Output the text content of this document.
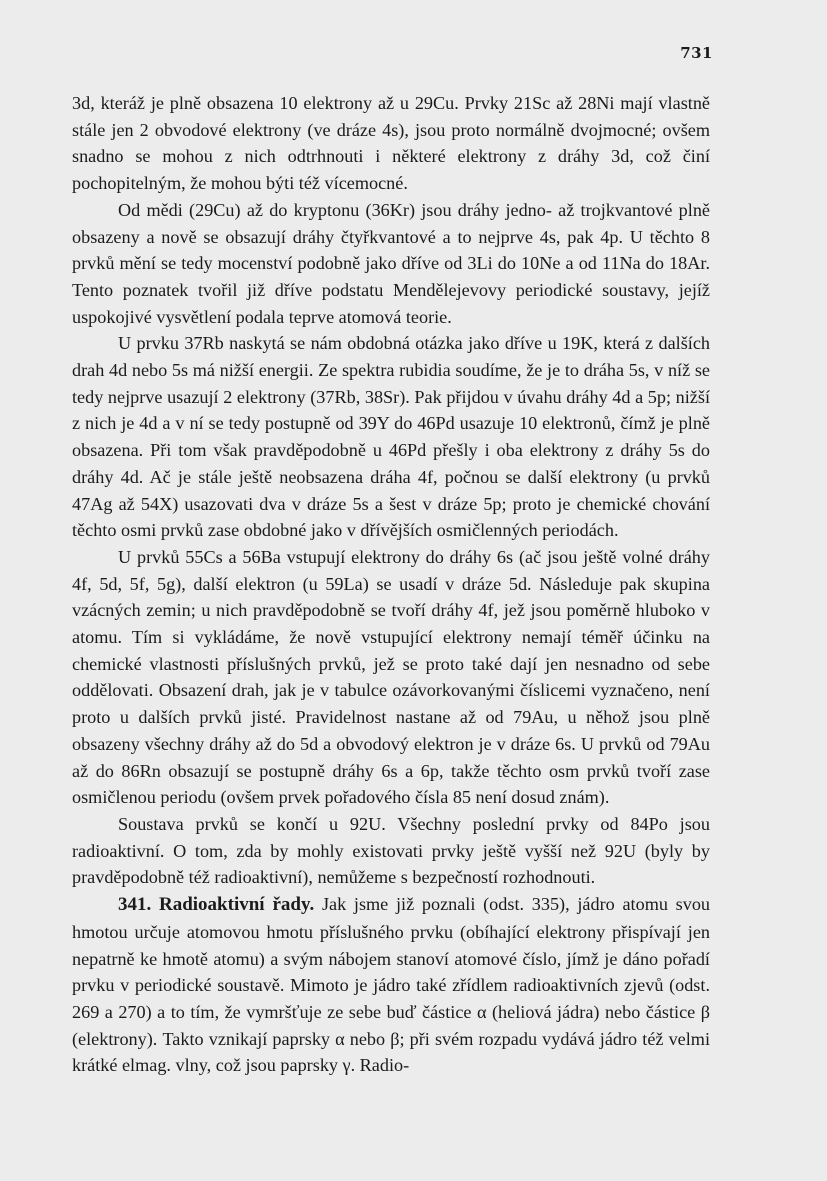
731

3d, kteráž je plně obsazena 10 elektrony až u 29Cu. Prvky 21Sc až 28Ni mají vlastně stále jen 2 obvodové elektrony (ve dráze 4s), jsou proto normálně dvojmocné; ovšem snadno se mohou z nich odtrhnouti i některé elektrony z dráhy 3d, což činí pochopitelným, že mohou býti též vícemocné.

Od mědi (29Cu) až do kryptonu (36Kr) jsou dráhy jedno- až trojkvantové plně obsazeny a nově se obsazují dráhy čtyřkvantové a to nejprve 4s, pak 4p. U těchto 8 prvků mění se tedy mocenství podobně jako dříve od 3Li do 10Ne a od 11Na do 18Ar. Tento poznatek tvořil již dříve podstatu Mendělejevovy periodické soustavy, jejíž uspokojivé vysvětlení podala teprve atomová teorie.

U prvku 37Rb naskytá se nám obdobná otázka jako dříve u 19K, která z dalších drah 4d nebo 5s má nižší energii. Ze spektra rubidia soudíme, že je to dráha 5s, v níž se tedy nejprve usazují 2 elektrony (37Rb, 38Sr). Pak přijdou v úvahu dráhy 4d a 5p; nižší z nich je 4d a v ní se tedy postupně od 39Y do 46Pd usazuje 10 elektronů, čímž je plně obsazena. Při tom však pravděpodobně u 46Pd přešly i oba elektrony z dráhy 5s do dráhy 4d. Ač je stále ještě neobsazena dráha 4f, počnou se další elektrony (u prvků 47Ag až 54X) usazovati dva v dráze 5s a šest v dráze 5p; proto je chemické chování těchto osmi prvků zase obdobné jako v dřívějších osmičlenných periodách.

U prvků 55Cs a 56Ba vstupují elektrony do dráhy 6s (ač jsou ještě volné dráhy 4f, 5d, 5f, 5g), další elektron (u 59La) se usadí v dráze 5d. Následuje pak skupina vzácných zemin; u nich pravděpodobně se tvoří dráhy 4f, jež jsou poměrně hluboko v atomu. Tím si vykládáme, že nově vstupující elektrony nemají téměř účinku na chemické vlastnosti příslušných prvků, jež se proto také dají jen nesnadno od sebe oddělovati. Obsazení drah, jak je v tabulce ozávorkovanými číslicemi vyznačeno, není proto u dalších prvků jisté. Pravidelnost nastane až od 79Au, u něhož jsou plně obsazeny všechny dráhy až do 5d a obvodový elektron je v dráze 6s. U prvků od 79Au až do 86Rn obsazují se postupně dráhy 6s a 6p, takže těchto osm prvků tvoří zase osmičlenou periodu (ovšem prvek pořadového čísla 85 není dosud znám).

Soustava prvků se končí u 92U. Všechny poslední prvky od 84Po jsou radioaktivní. O tom, zda by mohly existovati prvky ještě vyšší než 92U (byly by pravděpodobně též radioaktivní), nemůžeme s bezpečností rozhodnouti.

341. Radioaktivní řady. Jak jsme již poznali (odst. 335), jádro atomu svou hmotou určuje atomovou hmotu příslušného prvku (obíhající elektrony přispívají jen nepatrně ke hmotě atomu) a svým nábojem stanoví atomové číslo, jímž je dáno pořadí prvku v periodické soustavě. Mimoto je jádro také zřídlem radioaktivních zjevů (odst. 269 a 270) a to tím, že vymršťuje ze sebe buď částice α (heliová jádra) nebo částice β (elektrony). Takto vznikají paprsky α nebo β; při svém rozpadu vydává jádro též velmi krátké elmag. vlny, což jsou paprsky γ. Radio-
